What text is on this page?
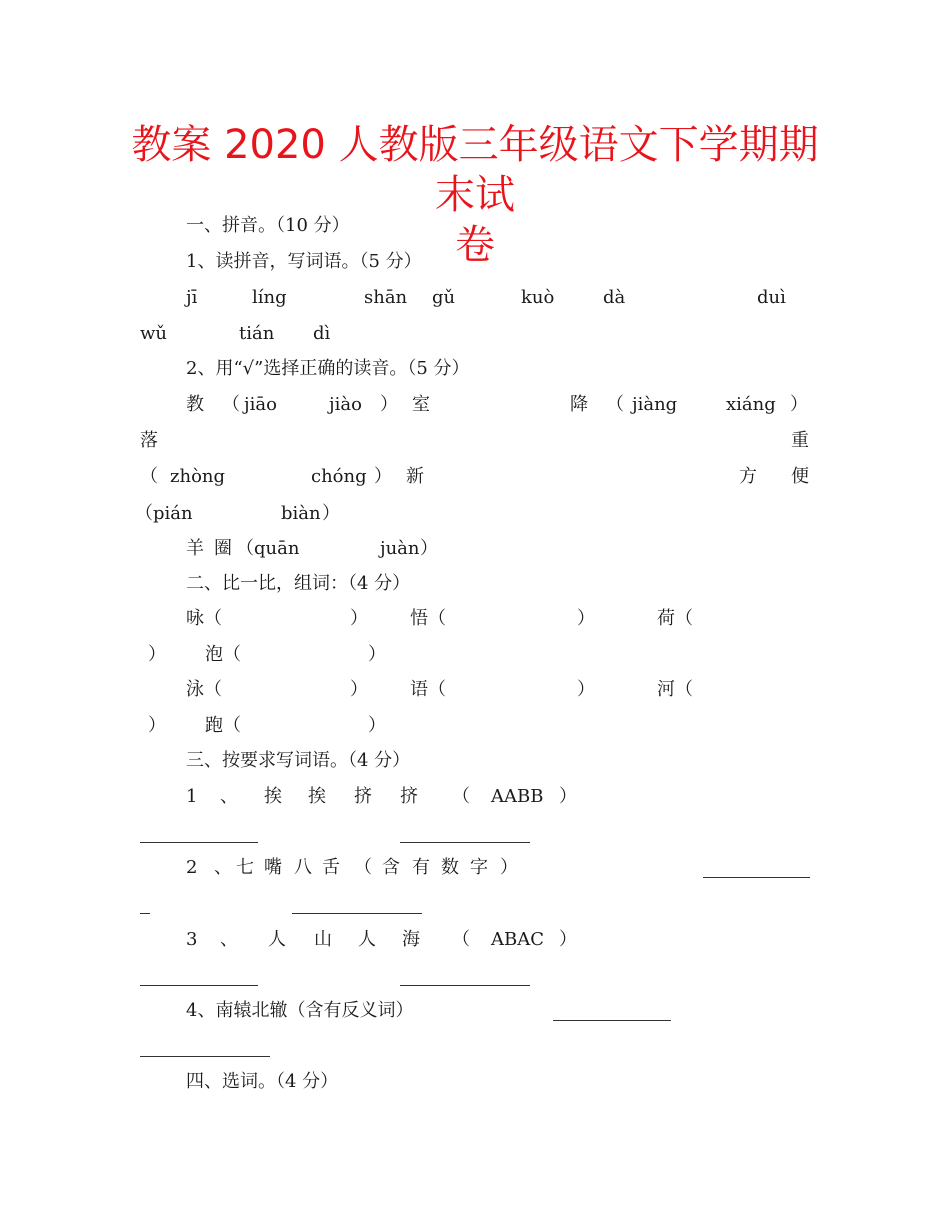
教案 2020 人教版三年级语文下学期期末试
卷
一、拼音。（10 分）
1、读拼音，写词语。（5 分）
jī	líng	shān gǔ	kuò	dà	duì
wǔ	tián dì
2、用“√”选择正确的读音。（5 分）
教 （ jiāo	jiào ） 室	降 （ jiàng	xiáng ）
落	重
（ zhòng	chóng ） 新	方 便
（ pián	biàn ）
羊 圈 （ quān	juàn ）
二、比一比，组词：（4 分）
咏（	） 悟（	）	荷（
） 泡（	）
泳（	） 语（	）	河（
） 跑（	）
三、按要求写词语。（4 分）
1 、 挨 挨 挤 挤 （ AABB ）
2 、 七 嘴 八 舌 （ 含 有 数 字 ）
3 、 人 山 人 海 （ ABAC ）
4、南辕北辙（含有反义词）
四、选词。（4 分）
